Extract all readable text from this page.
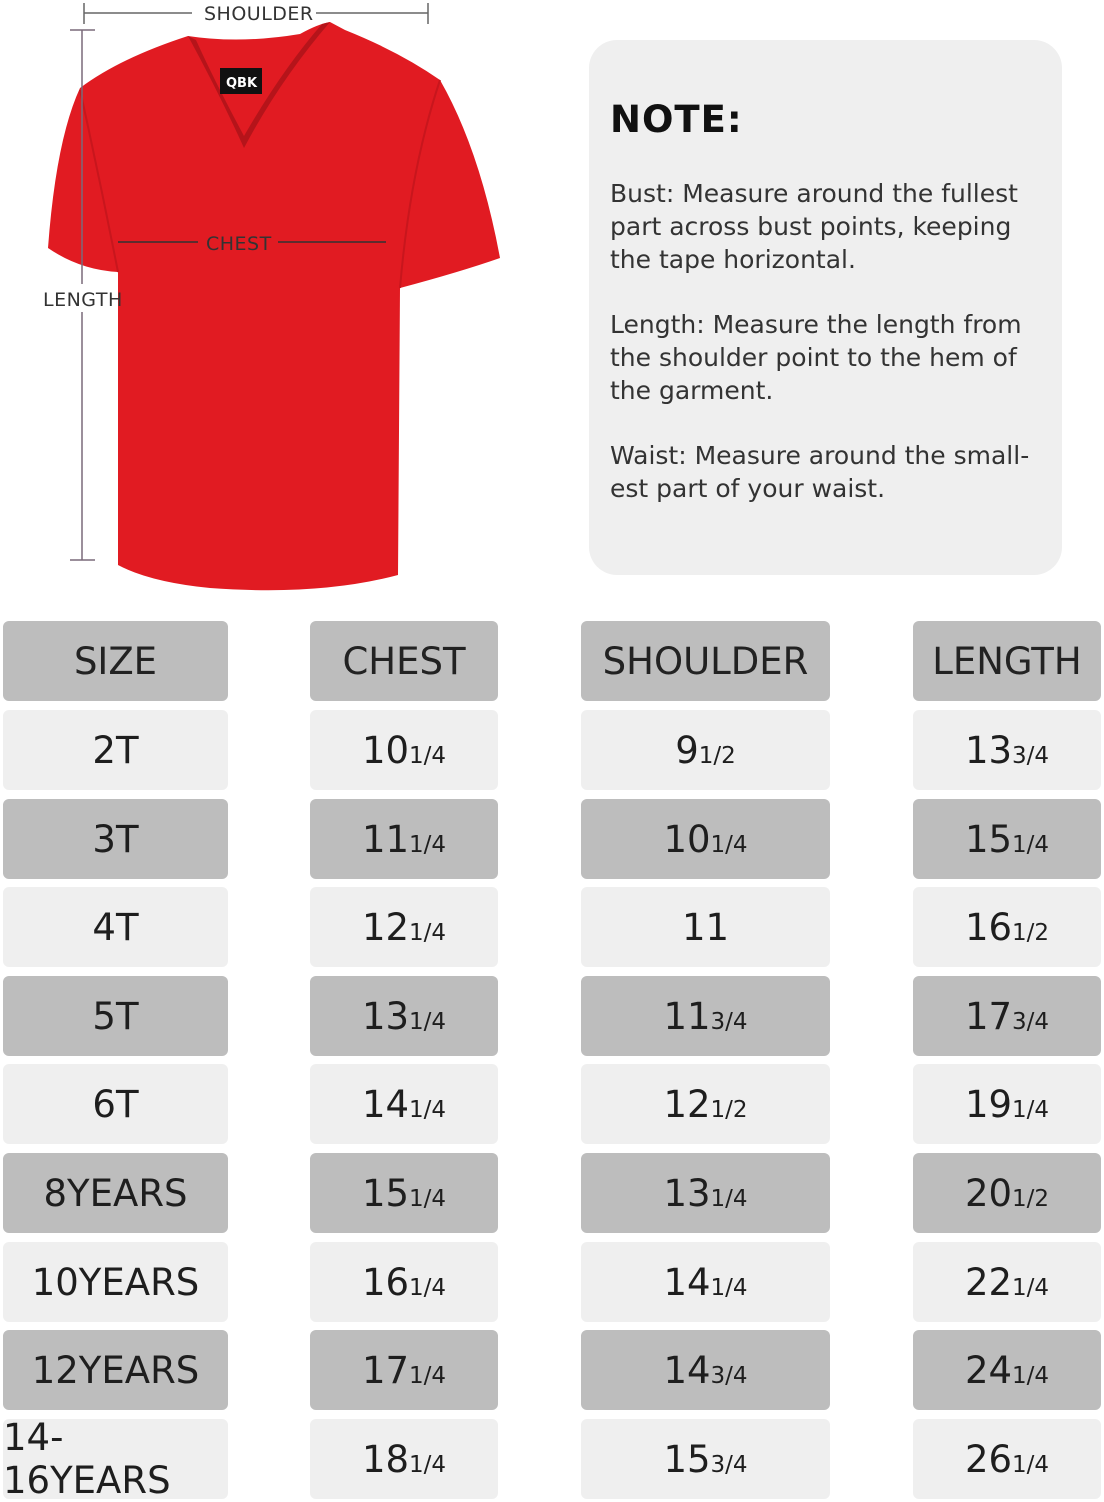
QBK
SHOULDER
CHEST
LENGTH
NOTE:

Bust: Measure around the fullest part across bust points, keeping the tape horizontal.

Length: Measure the length from the shoulder point to the hem of the garment.

Waist: Measure around the small-est part of your waist.

SIZE	CHEST	SHOULDER	LENGTH
2T	10 1/4	9 1/2	13 3/4
3T	11 1/4	10 1/4	15 1/4
4T	12 1/4	11	16 1/2
5T	13 1/4	11 3/4	17 3/4
6T	14 1/4	12 1/2	19 1/4
8YEARS	15 1/4	13 1/4	20 1/2
10YEARS	16 1/4	14 1/4	22 1/4
12YEARS	17 1/4	14 3/4	24 1/4
14-16YEARS	18 1/4	15 3/4	26 1/4
